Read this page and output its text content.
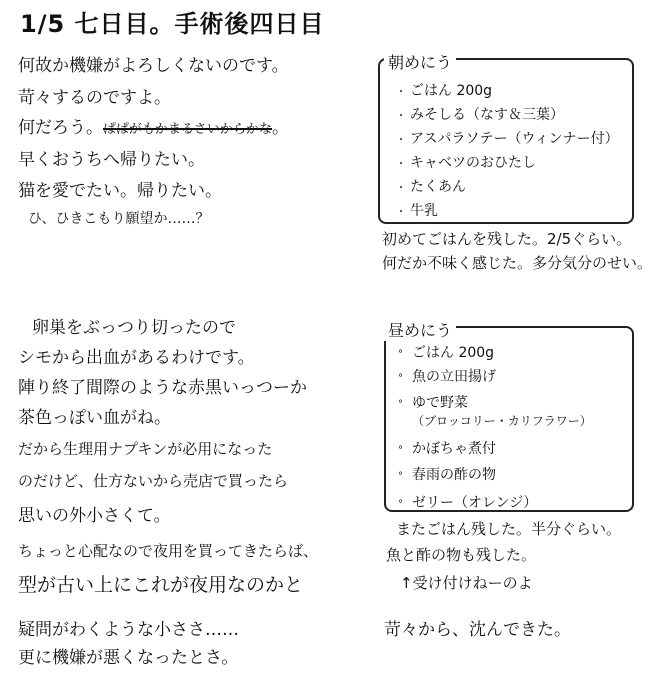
1/5 七日目。手術後四日目
何故か機嫌がよろしくないのです。
苛々するのですよ。
何だろう。ぱぱがもかまるさいからかな。
早くおうちへ帰りたい。
猫を愛でたい。帰りたい。
ひ、ひきこもり願望か……？
朝めにう
・ ごはん 200g
・ みそしる（なす＆三葉）
・ アスパラソテー（ウィンナー付）
・ キャベツのおひたし
・ たくあん
・ 牛乳
初めてごはんを残した。2/5ぐらい。
何だか不味く感じた。多分気分のせい。
卵巣をぶっつり切ったので
シモから出血があるわけです。
陣り終了間際のような赤黒いっつーか
茶色っぽい血がね。
だから生理用ナプキンが必用になった
のだけど、仕方ないから売店で買ったら
思いの外小さくて。
ちょっと心配なので夜用を買ってきたらば、
型が古い上にこれが夜用なのかと
疑問がわくような小ささ……
更に機嫌が悪くなったとさ。
昼めにう
° ごはん 200g
° 魚の立田揚げ
° ゆで野菜
（ブロッコリー・カリフラワー）
° かぼちゃ煮付
° 春雨の酢の物
° ゼリー（オレンジ）
またごはん残した。半分ぐらい。
魚と酢の物も残した。
↑受け付けねーのよ
苛々から、沈んできた。
